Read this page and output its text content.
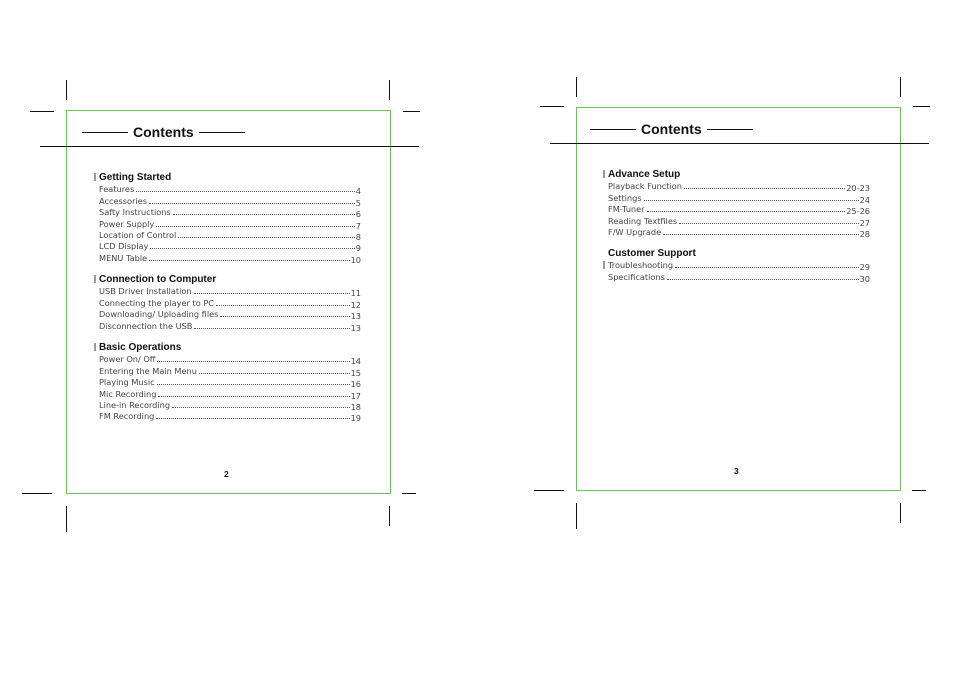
Contents
Getting Started
Features	4
Accessories	5
Safty Instructions	6
Power Supply	7
Location of Control	8
LCD Display	9
MENU Table	10
Connection to Computer
USB Driver Installation	11
Connecting the player to PC	12
Downloading/ Uploading files	13
Disconnection the USB	13
Basic Operations
Power On/ Off	14
Entering the Main Menu	15
Playing Music	16
Mic Recording	17
Line-in Recording	18
FM Recording	19
2
Contents
Advance Setup
Playback Function	20-23
Settings	24
FM-Tuner	25-26
Reading Textfiles	27
F/W Upgrade	28
Customer Support
Troubleshooting	29
Specifications	30
3
